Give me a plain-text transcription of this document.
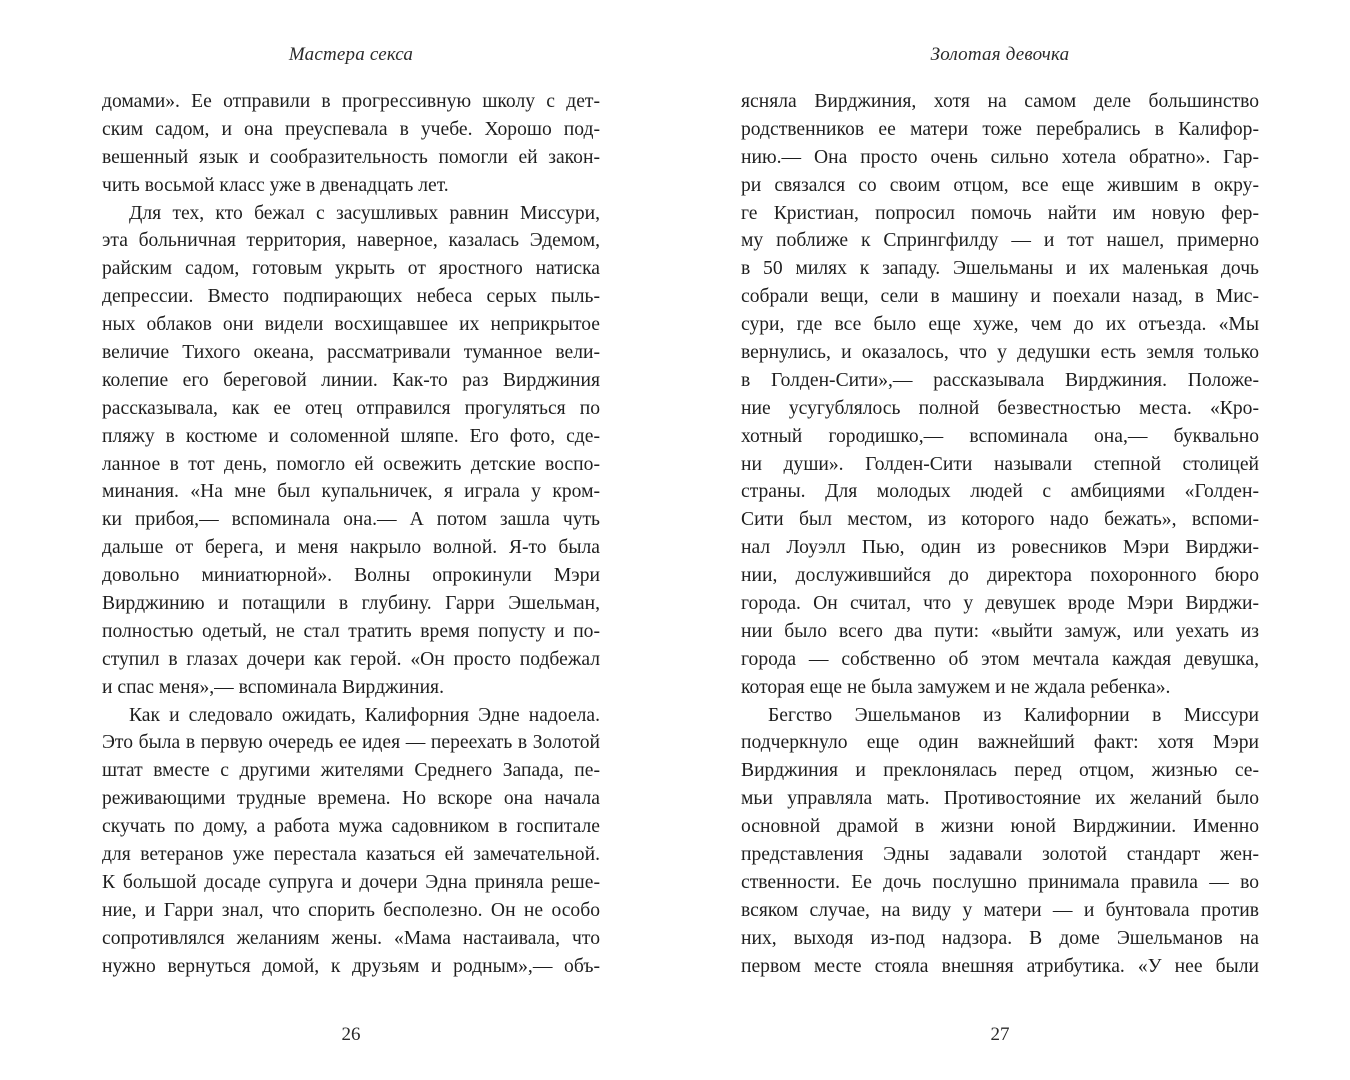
Мастера секса
домами». Ее отправили в прогрессивную школу с дет-
ским садом, и она преуспевала в учебе. Хорошо под-
вешенный язык и сообразительность помогли ей закон-
чить восьмой класс уже в двенадцать лет.
Для тех, кто бежал с засушливых равнин Миссури,
эта больничная территория, наверное, казалась Эдемом,
райским садом, готовым укрыть от яростного натиска
депрессии. Вместо подпирающих небеса серых пыль-
ных облаков они видели восхищавшее их неприкрытое
величие Тихого океана, рассматривали туманное вели-
колепие его береговой линии. Как-то раз Вирджиния
рассказывала, как ее отец отправился прогуляться по
пляжу в костюме и соломенной шляпе. Его фото, сде-
ланное в тот день, помогло ей освежить детские воспо-
минания. «На мне был купальничек, я играла у кром-
ки прибоя,— вспоминала она.— А потом зашла чуть
дальше от берега, и меня накрыло волной. Я-то была
довольно миниатюрной». Волны опрокинули Мэри
Вирджинию и потащили в глубину. Гарри Эшельман,
полностью одетый, не стал тратить время попусту и по-
ступил в глазах дочери как герой. «Он просто подбежал
и спас меня»,— вспоминала Вирджиния.
Как и следовало ожидать, Калифорния Эдне надоела.
Это была в первую очередь ее идея — переехать в Золотой
штат вместе с другими жителями Среднего Запада, пе-
реживающими трудные времена. Но вскоре она начала
скучать по дому, а работа мужа садовником в госпитале
для ветеранов уже перестала казаться ей замечательной.
К большой досаде супруга и дочери Эдна приняла реше-
ние, и Гарри знал, что спорить бесполезно. Он не особо
сопротивлялся желаниям жены. «Мама настаивала, что
нужно вернуться домой, к друзьям и родным»,— объ-
26
Золотая девочка
ясняла Вирджиния, хотя на самом деле большинство
родственников ее матери тоже перебрались в Калифор-
нию.— Она просто очень сильно хотела обратно». Гар-
ри связался со своим отцом, все еще жившим в окру-
ге Кристиан, попросил помочь найти им новую фер-
му поближе к Спрингфилду — и тот нашел, примерно
в 50 милях к западу. Эшельманы и их маленькая дочь
собрали вещи, сели в машину и поехали назад, в Мис-
сури, где все было еще хуже, чем до их отъезда. «Мы
вернулись, и оказалось, что у дедушки есть земля только
в Голден-Сити»,— рассказывала Вирджиния. Положе-
ние усугублялось полной безвестностью места. «Кро-
хотный городишко,— вспоминала она,— буквально
ни души». Голден-Сити называли степной столицей
страны. Для молодых людей с амбициями «Голден-
Сити был местом, из которого надо бежать», вспоми-
нал Лоуэлл Пью, один из ровесников Мэри Вирджи-
нии, дослужившийся до директора похоронного бюро
города. Он считал, что у девушек вроде Мэри Вирджи-
нии было всего два пути: «выйти замуж, или уехать из
города — собственно об этом мечтала каждая девушка,
которая еще не была замужем и не ждала ребенка».
Бегство Эшельманов из Калифорнии в Миссури
подчеркнуло еще один важнейший факт: хотя Мэри
Вирджиния и преклонялась перед отцом, жизнью се-
мьи управляла мать. Противостояние их желаний было
основной драмой в жизни юной Вирджинии. Именно
представления Эдны задавали золотой стандарт жен-
ственности. Ее дочь послушно принимала правила — во
всяком случае, на виду у матери — и бунтовала против
них, выходя из-под надзора. В доме Эшельманов на
первом месте стояла внешняя атрибутика. «У нее были
27
